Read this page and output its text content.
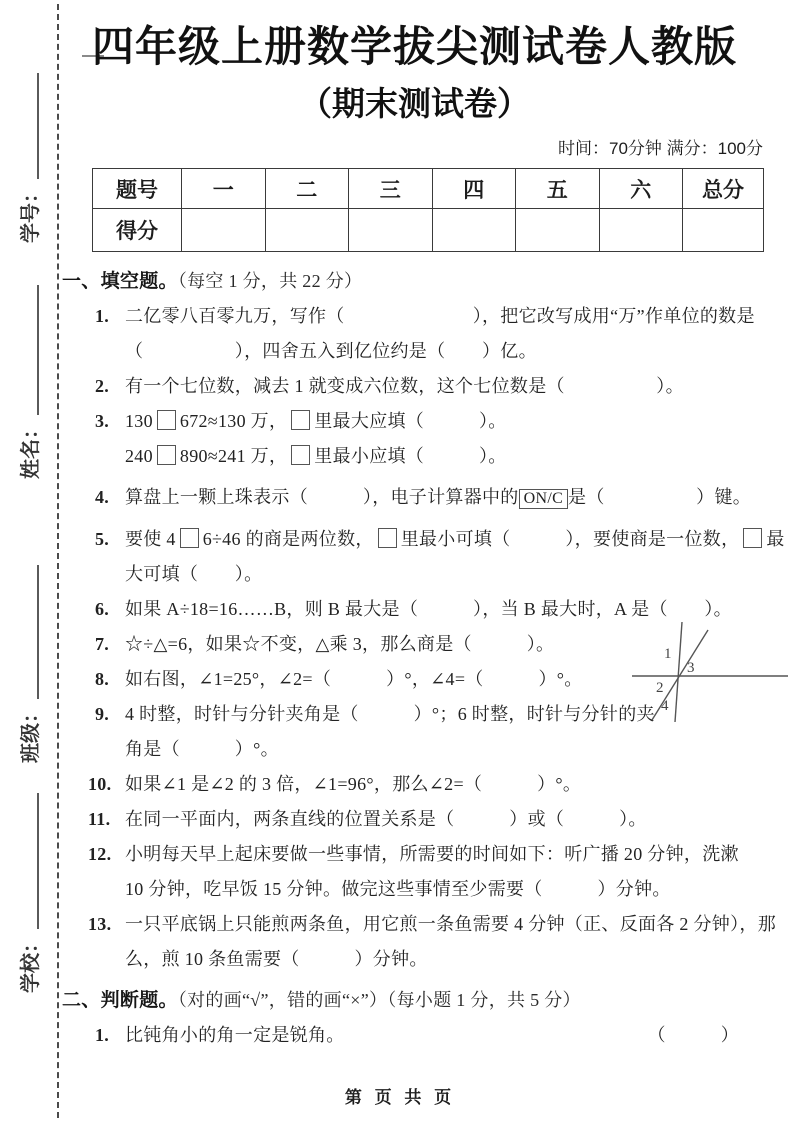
学号：
姓名：
班级：
学校：
四年级上册数学拔尖测试卷人教版
（期末测试卷）
时间：70分钟 满分：100分
题号	一	二	三	四	五	六	总分
得分							
一、填空题。（每空 1 分，共 22 分）
1. 二亿零八百零九万，写作（　　　　　　　），把它改写成用“万”作单位的数是
（　　　　　），四舍五入到亿位约是（　　）亿。
2. 有一个七位数，减去 1 就变成六位数，这个七位数是（　　　　　）。
3. 130 672≈130 万， 里最大应填（　　　）。
240 890≈241 万， 里最小应填（　　　）。
4. 算盘上一颗上珠表示（　　　），电子计算器中的 ON/C 是（　　　　　）键。
5. 要使 4 6÷46 的商是两位数， 里最小可填（　　　），要使商是一位数， 最
大可填（　　）。
6. 如果 A÷18=16……B，则 B 最大是（　　　），当 B 最大时，A 是（　　）。
7. ☆÷△=6，如果☆不变，△乘 3，那么商是（　　　）。
8. 如右图，∠1=25°，∠2=（　　　）°，∠4=（　　　）°。
9. 4 时整，时针与分针夹角是（　　　）°；6 时整，时针与分针的夹
角是（　　　）°。
10. 如果∠1 是∠2 的 3 倍，∠1=96°，那么∠2=（　　　）°。
11. 在同一平面内，两条直线的位置关系是（　　　）或（　　　）。
12. 小明每天早上起床要做一些事情，所需要的时间如下：听广播 20 分钟，洗漱
10 分钟，吃早饭 15 分钟。做完这些事情至少需要（　　　）分钟。
13. 一只平底锅上只能煎两条鱼，用它煎一条鱼需要 4 分钟（正、反面各 2 分钟），那
么，煎 10 条鱼需要（　　　）分钟。
二、判断题。（对的画“√”，错的画“×”）（每小题 1 分，共 5 分）
1. 比钝角小的角一定是锐角。	（　　　）
1
2
3
4
第 页 共 页
